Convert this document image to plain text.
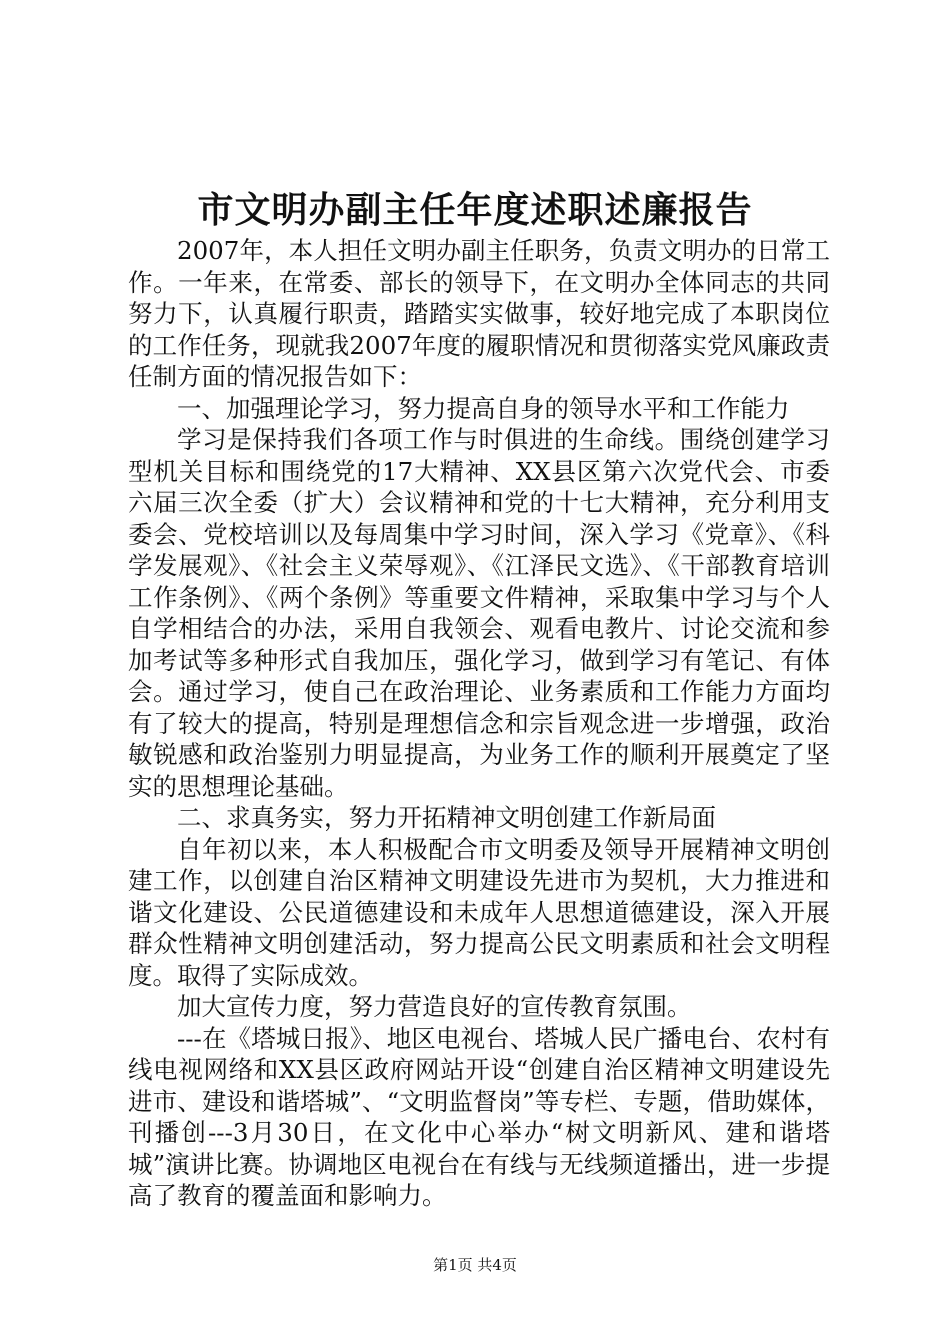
市文明办副主任年度述职述廉报告

2007年，本人担任文明办副主任职务，负责文明办的日常工作。一年来，在常委、部长的领导下，在文明办全体同志的共同努力下，认真履行职责，踏踏实实做事，较好地完成了本职岗位的工作任务，现就我2007年度的履职情况和贯彻落实党风廉政责任制方面的情况报告如下：

一、加强理论学习，努力提高自身的领导水平和工作能力

学习是保持我们各项工作与时俱进的生命线。围绕创建学习型机关目标和围绕党的17大精神、XX县区第六次党代会、市委六届三次全委（扩大）会议精神和党的十七大精神，充分利用支委会、党校培训以及每周集中学习时间，深入学习《党章》、《科学发展观》、《社会主义荣辱观》、《江泽民文选》、《干部教育培训工作条例》、《两个条例》等重要文件精神，采取集中学习与个人自学相结合的办法，采用自我领会、观看电教片、讨论交流和参加考试等多种形式自我加压，强化学习，做到学习有笔记、有体会。通过学习，使自己在政治理论、业务素质和工作能力方面均有了较大的提高，特别是理想信念和宗旨观念进一步增强，政治敏锐感和政治鉴别力明显提高，为业务工作的顺利开展奠定了坚实的思想理论基础。

二、求真务实，努力开拓精神文明创建工作新局面

自年初以来，本人积极配合市文明委及领导开展精神文明创建工作，以创建自治区精神文明建设先进市为契机，大力推进和谐文化建设、公民道德建设和未成年人思想道德建设，深入开展群众性精神文明创建活动，努力提高公民文明素质和社会文明程度。取得了实际成效。

加大宣传力度，努力营造良好的宣传教育氛围。

---在《塔城日报》、地区电视台、塔城人民广播电台、农村有线电视网络和XX县区政府网站开设“创建自治区精神文明建设先进市、建设和谐塔城”、“文明监督岗”等专栏、专题，借助媒体，刊播创---3月30日，在文化中心举办“树文明新风、建和谐塔城”演讲比赛。协调地区电视台在有线与无线频道播出，进一步提高了教育的覆盖面和影响力。

第1页 共4页
